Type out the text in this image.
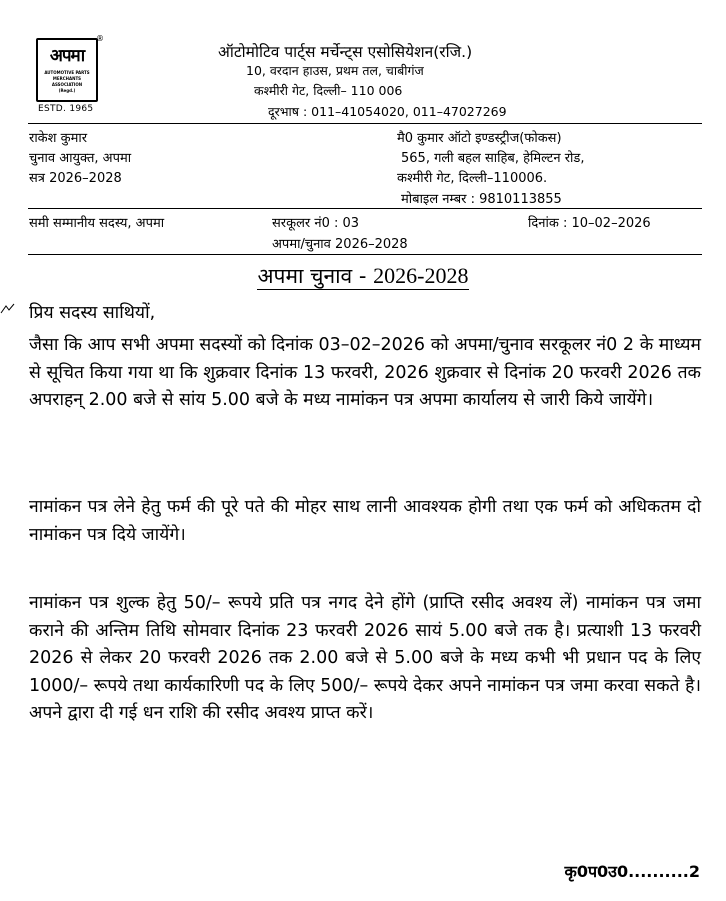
अपमा
AUTOMOTIVE PARTS
MERCHANTS
ASSOCIATION
(Regd.)
®
ESTD. 1965
ऑटोमोटिव पार्ट्स मर्चेन्ट्स एसोसियेशन(रजि.)
10, वरदान हाउस, प्रथम तल, चाबीगंज
कश्मीरी गेट, दिल्ली– 110 006
दूरभाष : 011–41054020, 011–47027269
राकेश कुमार
चुनाव आयुक्त, अपमा
सत्र 2026–2028
मै0 कुमार ऑटो इण्डस्ट्रीज(फोकस)
565, गली बहल साहिब, हेमिल्टन रोड,
कश्मीरी गेट, दिल्ली–110006.
मोबाइल नम्बर : 9810113855
समी सम्मानीय सदस्य, अपमा	सरकूलर नं0 : 03	दिनांक : 10–02–2026
अपमा/चुनाव 2026–2028
अपमा चुनाव - 2026-2028
प्रिय सदस्य साथियों,
जैसा कि आप सभी अपमा सदस्यों को दिनांक 03–02–2026 को अपमा/चुनाव सरकूलर नं0 2 के माध्यम से सूचित किया गया था कि शुक्रवार दिनांक 13 फरवरी, 2026 शुक्रवार से दिनांक 20 फरवरी 2026 तक अपराहन् 2.00 बजे से सांय 5.00 बजे के मध्य नामांकन पत्र अपमा कार्यालय से जारी किये जायेंगे।
नामांकन पत्र लेने हेतु फर्म की पूरे पते की मोहर साथ लानी आवश्यक होगी तथा एक फर्म को अधिकतम दो नामांकन पत्र दिये जायेंगे।
नामांकन पत्र शुल्क हेतु 50/– रूपये प्रति पत्र नगद देने होंगे (प्राप्ति रसीद अवश्य लें) नामांकन पत्र जमा कराने की अन्तिम तिथि सोमवार दिनांक 23 फरवरी 2026 सायं 5.00 बजे तक है। प्रत्याशी 13 फरवरी 2026 से लेकर 20 फरवरी 2026 तक 2.00 बजे से 5.00 बजे के मध्य कभी भी प्रधान पद के लिए 1000/– रूपये तथा कार्यकारिणी पद के लिए 500/– रूपये देकर अपने नामांकन पत्र जमा करवा सकते है। अपने द्वारा दी गई धन राशि की रसीद अवश्य प्राप्त करें।
कृ0प0उ0..........2
